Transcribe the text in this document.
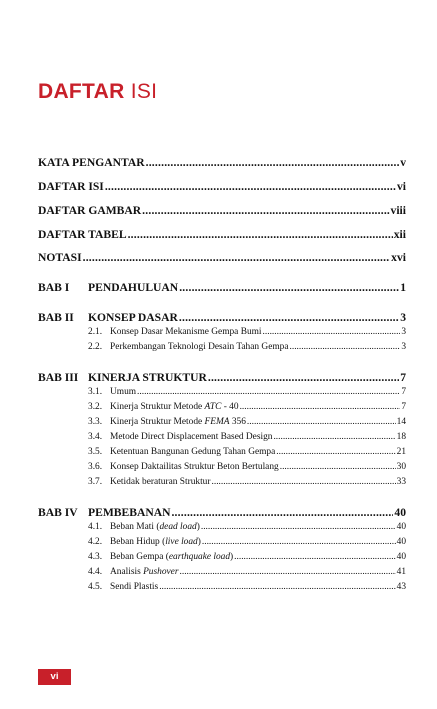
DAFTAR ISI
KATA PENGANTAR .....	v
DAFTAR ISI .....	vi
DAFTAR GAMBAR .....	viii
DAFTAR TABEL .....	xii
NOTASI .....	xvi
BAB I	PENDAHULUAN .....	1
BAB II	KONSEP DASAR .....	3
2.1. Konsep Dasar Mekanisme Gempa Bumi .....	3
2.2. Perkembangan Teknologi Desain Tahan Gempa .....	3
BAB III KINERJA STRUKTUR .....	7
3.1. Umum .....	7
3.2. Kinerja Struktur Metode ATC - 40 .....	7
3.3. Kinerja Struktur Metode FEMA 356 .....	14
3.4. Metode Direct Displacement Based Design .....	18
3.5. Ketentuan Bangunan Gedung Tahan Gempa .....	21
3.6. Konsep Daktailitas Struktur Beton Bertulang .....	30
3.7. Ketidak beraturan Struktur .....	33
BAB IV PEMBEBANAN .....	40
4.1. Beban Mati (dead load) .....	40
4.2. Beban Hidup (live load) .....	40
4.3. Beban Gempa (earthquake load) .....	40
4.4. Analisis Pushover .....	41
4.5. Sendi Plastis .....	43
vi
